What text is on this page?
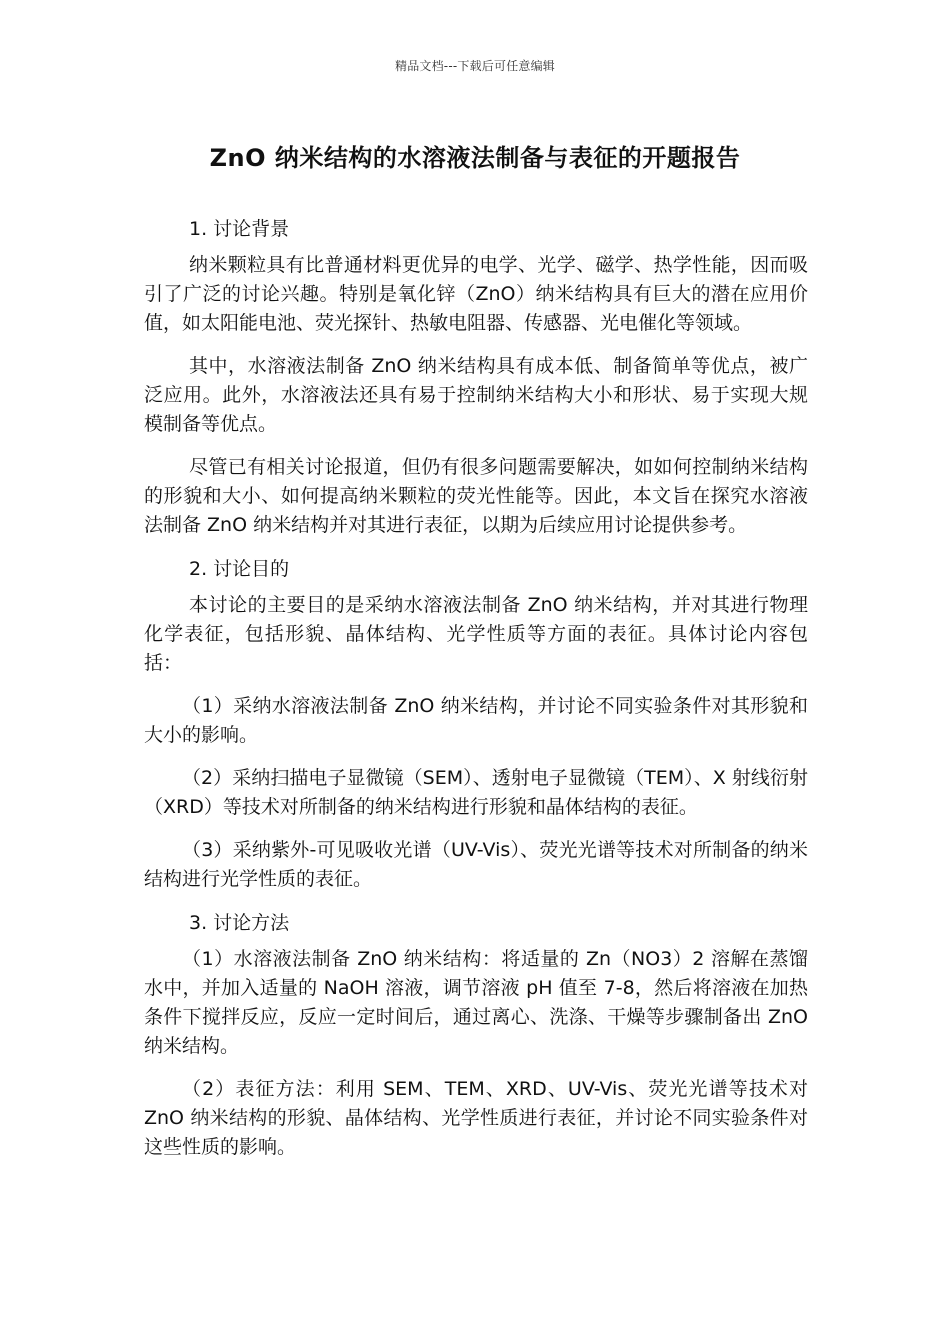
精品文档---下载后可任意编辑
ZnO 纳米结构的水溶液法制备与表征的开题报告

1. 讨论背景

纳米颗粒具有比普通材料更优异的电学、光学、磁学、热学性能，因而吸引了广泛的讨论兴趣。特别是氧化锌（ZnO）纳米结构具有巨大的潜在应用价值，如太阳能电池、荧光探针、热敏电阻器、传感器、光电催化等领域。

其中，水溶液法制备 ZnO 纳米结构具有成本低、制备简单等优点，被广泛应用。此外，水溶液法还具有易于控制纳米结构大小和形状、易于实现大规模制备等优点。

尽管已有相关讨论报道，但仍有很多问题需要解决，如如何控制纳米结构的形貌和大小、如何提高纳米颗粒的荧光性能等。因此，本文旨在探究水溶液法制备 ZnO 纳米结构并对其进行表征，以期为后续应用讨论提供参考。

2. 讨论目的

本讨论的主要目的是采纳水溶液法制备 ZnO 纳米结构，并对其进行物理化学表征，包括形貌、晶体结构、光学性质等方面的表征。具体讨论内容包括：

（1）采纳水溶液法制备 ZnO 纳米结构，并讨论不同实验条件对其形貌和大小的影响。

（2）采纳扫描电子显微镜（SEM）、透射电子显微镜（TEM）、X 射线衍射（XRD）等技术对所制备的纳米结构进行形貌和晶体结构的表征。

（3）采纳紫外-可见吸收光谱（UV-Vis）、荧光光谱等技术对所制备的纳米结构进行光学性质的表征。

3. 讨论方法

（1）水溶液法制备 ZnO 纳米结构：将适量的 Zn（NO3）2 溶解在蒸馏水中，并加入适量的 NaOH 溶液，调节溶液 pH 值至 7-8，然后将溶液在加热条件下搅拌反应，反应一定时间后，通过离心、洗涤、干燥等步骤制备出 ZnO 纳米结构。

（2）表征方法：利用 SEM、TEM、XRD、UV-Vis、荧光光谱等技术对 ZnO 纳米结构的形貌、晶体结构、光学性质进行表征，并讨论不同实验条件对这些性质的影响。
